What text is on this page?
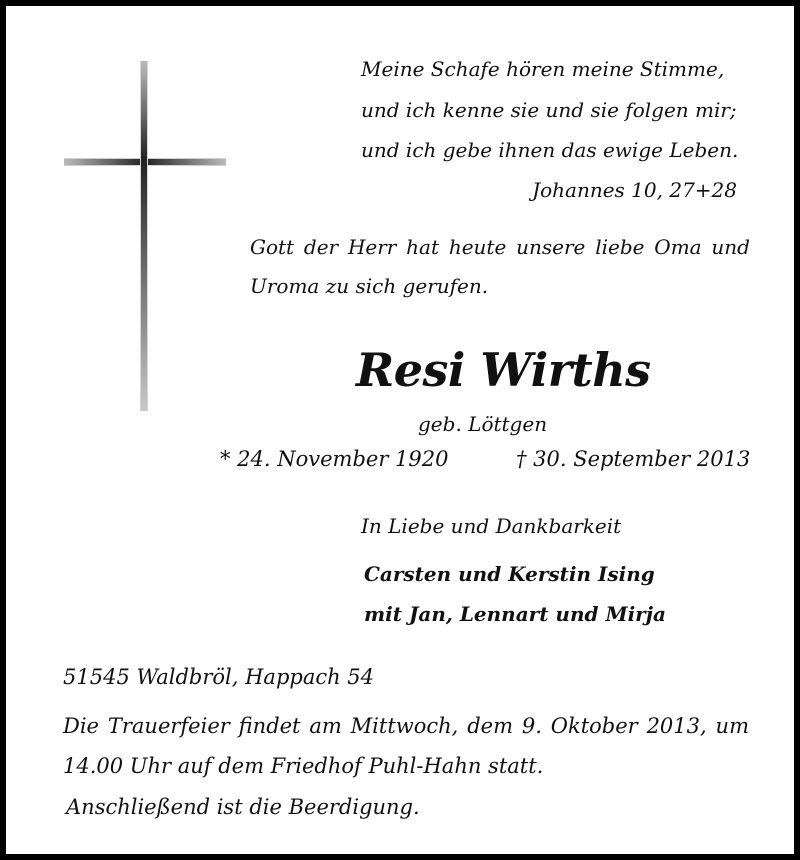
Meine Schafe hören meine Stimme,

und ich kenne sie und sie folgen mir;

und ich gebe ihnen das ewige Leben.

Johannes 10, 27+28

Gott der Herr hat heute unsere liebe Oma und

Uroma zu sich gerufen.

Resi Wirths

geb. Löttgen

* 24. November 1920	† 30. September 2013

In Liebe und Dankbarkeit

Carsten und Kerstin Ising

mit Jan, Lennart und Mirja

51545 Waldbröl, Happach 54

Die Trauerfeier findet am Mittwoch, dem 9. Oktober 2013, um

14.00 Uhr auf dem Friedhof Puhl-Hahn statt.

Anschließend ist die Beerdigung.
